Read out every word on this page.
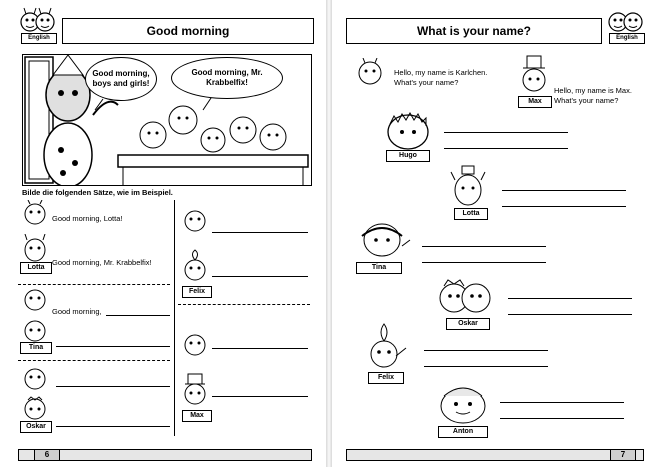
English	Good morning
Good morning, boys and girls!
Good morning, Mr. Krabbelfix!
Bilde die folgenden Sätze, wie im Beispiel.
Good morning, Lotta!
Lotta
Good morning, Mr. Krabbelfix!
Good morning,
Tina
Oskar
Felix
Max
6
What is your name?	English
Hello, my name is Karlchen. What's your name?
Max
Hello, my name is Max. What's your name?
Hugo
Lotta
Tina
Oskar
Felix
Anton
7
